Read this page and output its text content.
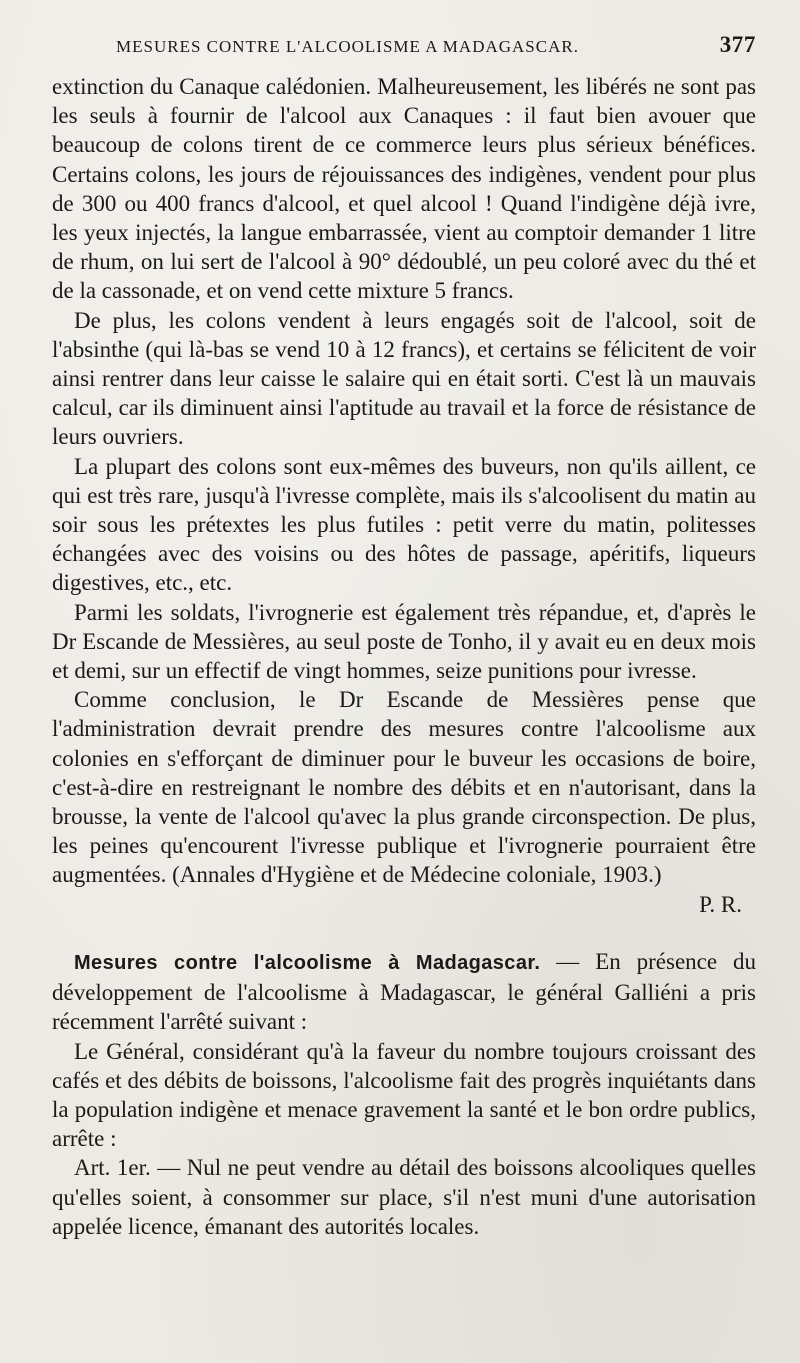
MESURES CONTRE L'ALCOOLISME A MADAGASCAR.	377

extinction du Canaque calédonien. Malheureusement, les libérés ne sont pas les seuls à fournir de l'alcool aux Canaques : il faut bien avouer que beaucoup de colons tirent de ce commerce leurs plus sérieux bénéfices. Certains colons, les jours de réjouissances des indigènes, vendent pour plus de 300 ou 400 francs d'alcool, et quel alcool ! Quand l'indigène déjà ivre, les yeux injectés, la langue embarrassée, vient au comptoir demander 1 litre de rhum, on lui sert de l'alcool à 90° dédoublé, un peu coloré avec du thé et de la cassonade, et on vend cette mixture 5 francs.

De plus, les colons vendent à leurs engagés soit de l'alcool, soit de l'absinthe (qui là-bas se vend 10 à 12 francs), et certains se félicitent de voir ainsi rentrer dans leur caisse le salaire qui en était sorti. C'est là un mauvais calcul, car ils diminuent ainsi l'aptitude au travail et la force de résistance de leurs ouvriers.

La plupart des colons sont eux-mêmes des buveurs, non qu'ils aillent, ce qui est très rare, jusqu'à l'ivresse complète, mais ils s'alcoolisent du matin au soir sous les prétextes les plus futiles : petit verre du matin, politesses échangées avec des voisins ou des hôtes de passage, apéritifs, liqueurs digestives, etc., etc.

Parmi les soldats, l'ivrognerie est également très répandue, et, d'après le Dr Escande de Messières, au seul poste de Tonho, il y avait eu en deux mois et demi, sur un effectif de vingt hommes, seize punitions pour ivresse.

Comme conclusion, le Dr Escande de Messières pense que l'administration devrait prendre des mesures contre l'alcoolisme aux colonies en s'efforçant de diminuer pour le buveur les occasions de boire, c'est-à-dire en restreignant le nombre des débits et en n'autorisant, dans la brousse, la vente de l'alcool qu'avec la plus grande circonspection. De plus, les peines qu'encourent l'ivresse publique et l'ivrognerie pourraient être augmentées. (Annales d'Hygiène et de Médecine coloniale, 1903.)

P. R.

Mesures contre l'alcoolisme à Madagascar. — En présence du développement de l'alcoolisme à Madagascar, le général Galliéni a pris récemment l'arrêté suivant :

Le Général, considérant qu'à la faveur du nombre toujours croissant des cafés et des débits de boissons, l'alcoolisme fait des progrès inquiétants dans la population indigène et menace gravement la santé et le bon ordre publics, arrête :

Art. 1er. — Nul ne peut vendre au détail des boissons alcooliques quelles qu'elles soient, à consommer sur place, s'il n'est muni d'une autorisation appelée licence, émanant des autorités locales.
